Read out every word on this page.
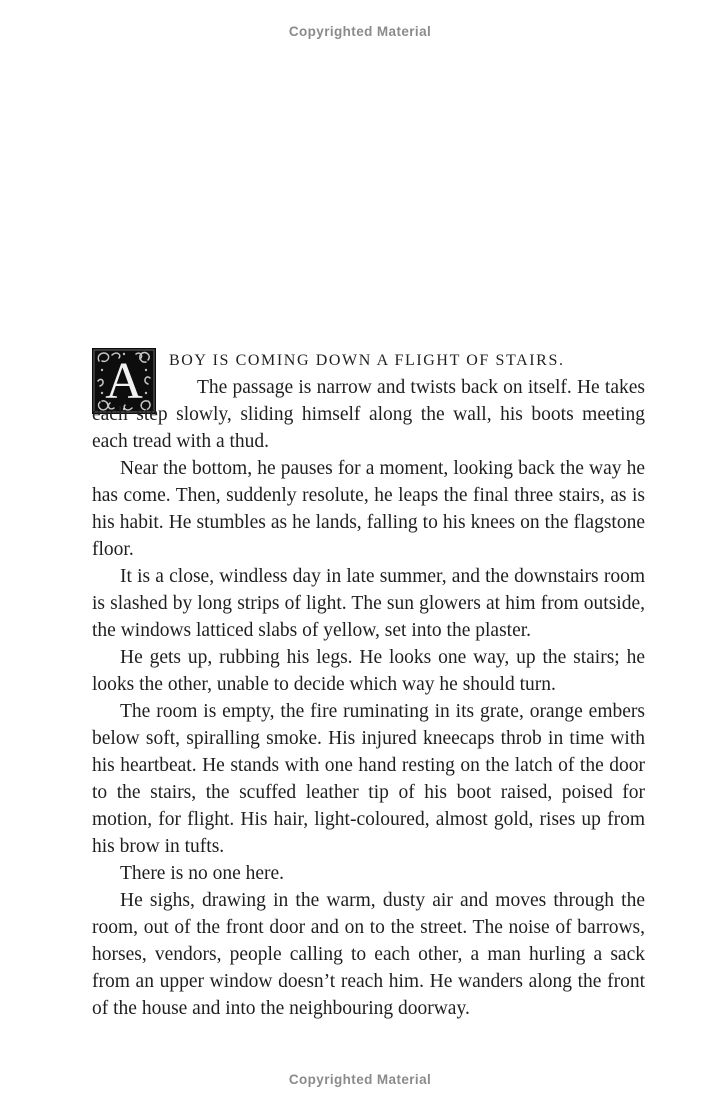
Copyrighted Material

A BOY IS COMING DOWN A FLIGHT OF STAIRS.
The passage is narrow and twists back on itself. He takes each step slowly, sliding himself along the wall, his boots meeting each tread with a thud.

Near the bottom, he pauses for a moment, looking back the way he has come. Then, suddenly resolute, he leaps the final three stairs, as is his habit. He stumbles as he lands, falling to his knees on the flagstone floor.

It is a close, windless day in late summer, and the downstairs room is slashed by long strips of light. The sun glowers at him from outside, the windows latticed slabs of yellow, set into the plaster.

He gets up, rubbing his legs. He looks one way, up the stairs; he looks the other, unable to decide which way he should turn.

The room is empty, the fire ruminating in its grate, orange embers below soft, spiralling smoke. His injured kneecaps throb in time with his heartbeat. He stands with one hand resting on the latch of the door to the stairs, the scuffed leather tip of his boot raised, poised for motion, for flight. His hair, light-coloured, almost gold, rises up from his brow in tufts.

There is no one here.

He sighs, drawing in the warm, dusty air and moves through the room, out of the front door and on to the street. The noise of barrows, horses, vendors, people calling to each other, a man hurling a sack from an upper window doesn’t reach him. He wanders along the front of the house and into the neighbouring doorway.

Copyrighted Material
